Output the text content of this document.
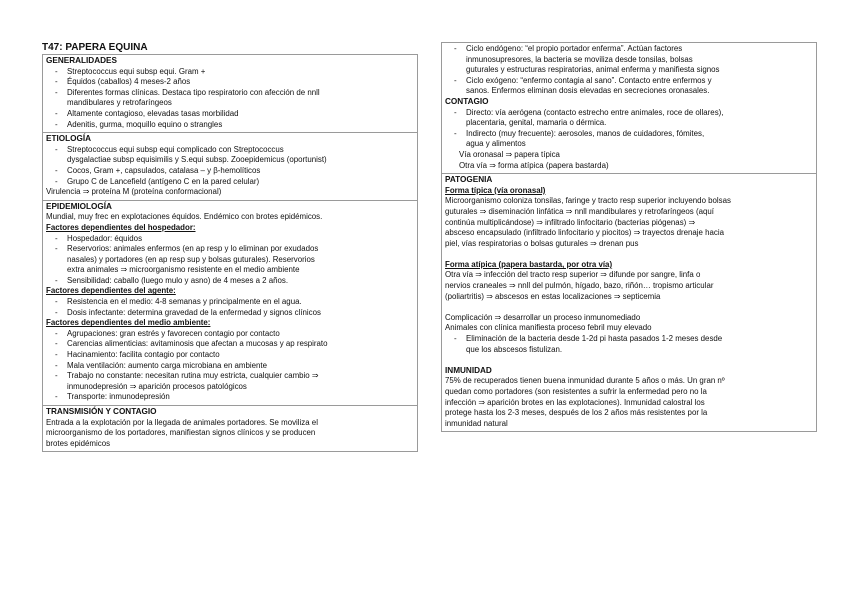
T47: PAPERA EQUINA
GENERALIDADES
- Streptococcus equi subsp equi. Gram +
- Équidos (caballos) 4 meses-2 años
- Diferentes formas clínicas. Destaca tipo respiratorio con afección de nnll
mandibulares y retrofaríngeos
- Altamente contagioso, elevadas tasas morbilidad
- Adenitis, gurma, moquillo equino o strangles
ETIOLOGÍA
- Streptococcus equi subsp equi complicado con Streptococcus
dysgalactiae subsp equisimilis y S.equi subsp. Zooepidemicus (oportunist)
- Cocos, Gram +, capsulados, catalasa – y β-hemolíticos
- Grupo C de Lancefield (antígeno C en la pared celular)
Virulencia ⇒ proteína M (proteína conformacional)
EPIDEMIOLOGÍA
Mundial, muy frec en explotaciones équidos. Endémico con brotes epidémicos.
Factores dependientes del hospedador:
- Hospedador: équidos
- Reservorios: animales enfermos (en ap resp y lo eliminan por exudados
nasales) y portadores (en ap resp sup y bolsas guturales). Reservorios
extra animales ⇒ microorganismo resistente en el medio ambiente
- Sensibilidad: caballo (luego mulo y asno) de 4 meses a 2 años.
Factores dependientes del agente:
- Resistencia en el medio: 4-8 semanas y principalmente en el agua.
- Dosis infectante: determina gravedad de la enfermedad y signos clínicos
Factores dependientes del medio ambiente:
- Agrupaciones: gran estrés y favorecen contagio por contacto
- Carencias alimenticias: avitaminosis que afectan a mucosas y ap respirato
- Hacinamiento: facilita contagio por contacto
- Mala ventilación: aumento carga microbiana en ambiente
- Trabajo no constante: necesitan rutina muy estricta, cualquier cambio ⇒
inmunodepresión ⇒ aparición procesos patológicos
- Transporte: inmunodepresión
TRANSMISIÓN Y CONTAGIO
Entrada a la explotación por la llegada de animales portadores. Se moviliza el
microorganismo de los portadores, manifiestan signos clínicos y se producen
brotes epidémicos
- Ciclo endógeno: “el propio portador enferma”. Actúan factores
inmunosupresores, la bacteria se moviliza desde tonsilas, bolsas
guturales y estructuras respiratorias, animal enferma y manifiesta signos
- Ciclo exógeno: “enfermo contagia al sano”. Contacto entre enfermos y
sanos. Enfermos eliminan dosis elevadas en secreciones oronasales.
CONTAGIO
- Directo: vía aerógena (contacto estrecho entre animales, roce de ollares),
placentaria, genital, mamaria o dérmica.
- Indirecto (muy frecuente): aerosoles, manos de cuidadores, fómites,
agua y alimentos
Vía oronasal ⇒ papera típica
Otra vía ⇒ forma atípica (papera bastarda)
PATOGENIA
Forma típica (vía oronasal)
Microorganismo coloniza tonsilas, faringe y tracto resp superior incluyendo bolsas
guturales ⇒ diseminación linfática ⇒ nnll mandibulares y retrofaríngeos (aquí
continúa multiplicándose) ⇒ infiltrado linfocitario (bacterias piógenas) ⇒
absceso encapsulado (infiltrado linfocitario y piocitos) ⇒ trayectos drenaje hacia
piel, vías respiratorias o bolsas guturales ⇒ drenan pus
Forma atípica (papera bastarda, por otra vía)
Otra vía ⇒ infección del tracto resp superior ⇒ difunde por sangre, linfa o
nervios craneales ⇒ nnll del pulmón, hígado, bazo, riñón… tropismo articular
(poliartritis) ⇒ abscesos en estas localizaciones ⇒ septicemia
Complicación ⇒ desarrollar un proceso inmunomediado
Animales con clínica manifiesta proceso febril muy elevado
- Eliminación de la bacteria desde 1-2d pi hasta pasados 1-2 meses desde
que los abscesos fistulizan.
INMUNIDAD
75% de recuperados tienen buena inmunidad durante 5 años o más. Un gran nº
quedan como portadores (son resistentes a sufrir la enfermedad pero no la
infección ⇒ aparición brotes en las explotaciones). Inmunidad calostral los
protege hasta los 2-3 meses, después de los 2 años más resistentes por la
inmunidad natural
